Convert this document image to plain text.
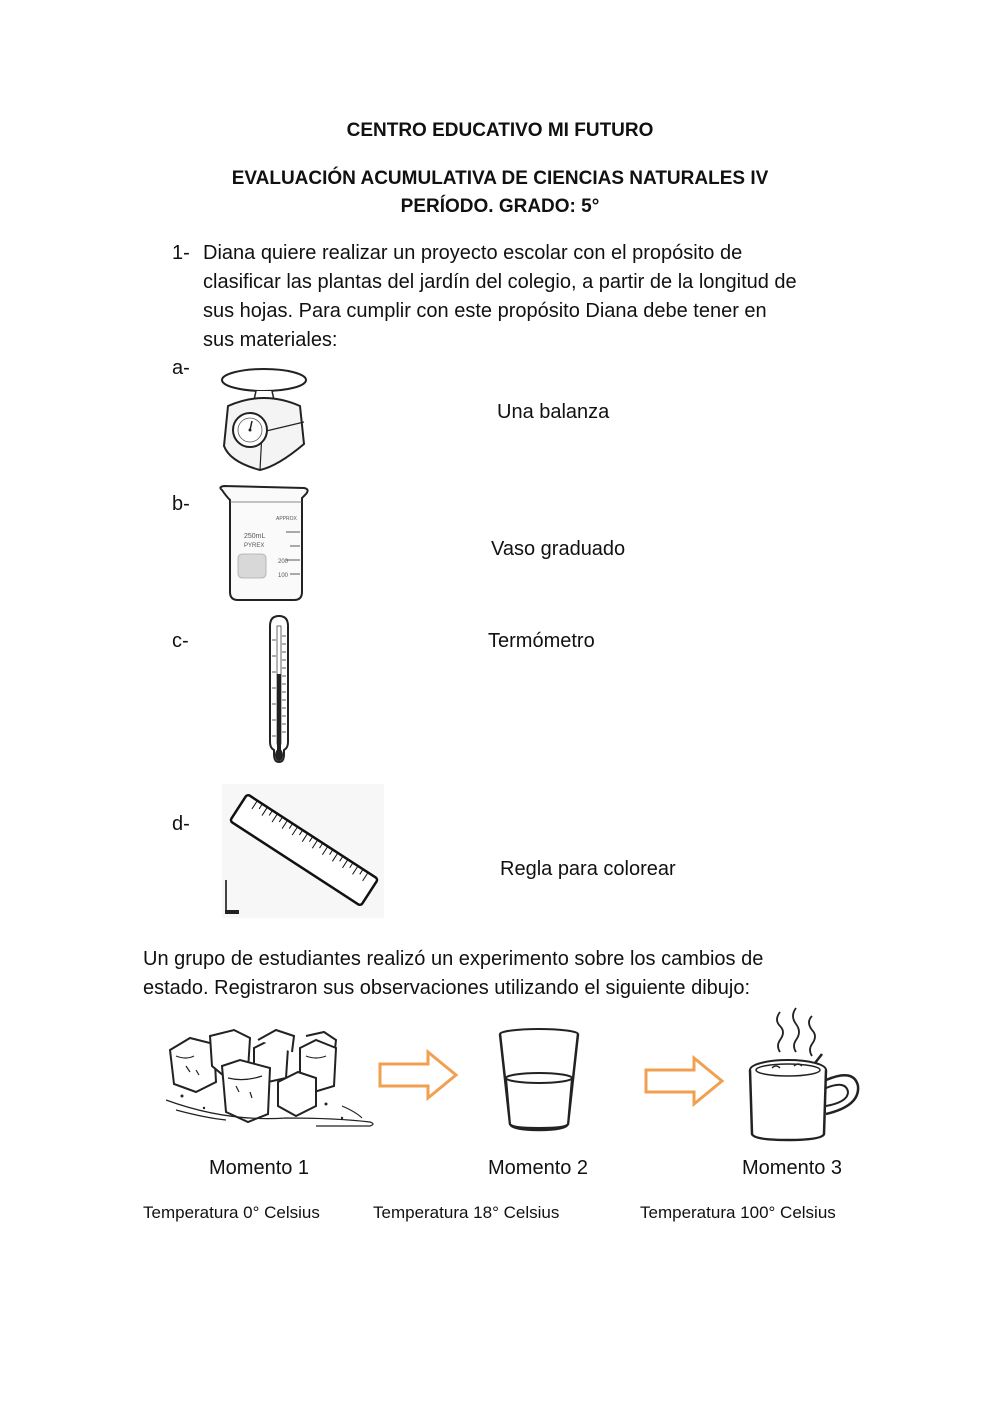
CENTRO EDUCATIVO MI FUTURO
EVALUACIÓN ACUMULATIVA DE CIENCIAS NATURALES IV
PERÍODO. GRADO: 5°
1- Diana quiere realizar un proyecto escolar con el propósito de
clasificar las plantas del jardín del colegio, a partir de la longitud de
sus hojas. Para cumplir con este propósito Diana debe tener en
sus materiales:
a-
Una balanza
b-
250mL
PYREX
APPROX
200
100
Vaso graduado
c-	Termómetro
d-
Regla para colorear
Un grupo de estudiantes realizó un experimento sobre los cambios de
estado. Registraron sus observaciones utilizando el siguiente dibujo:
Momento 1	Momento 2	Momento 3
Temperatura 0° Celsius	Temperatura 18° Celsius	Temperatura 100° Celsius
